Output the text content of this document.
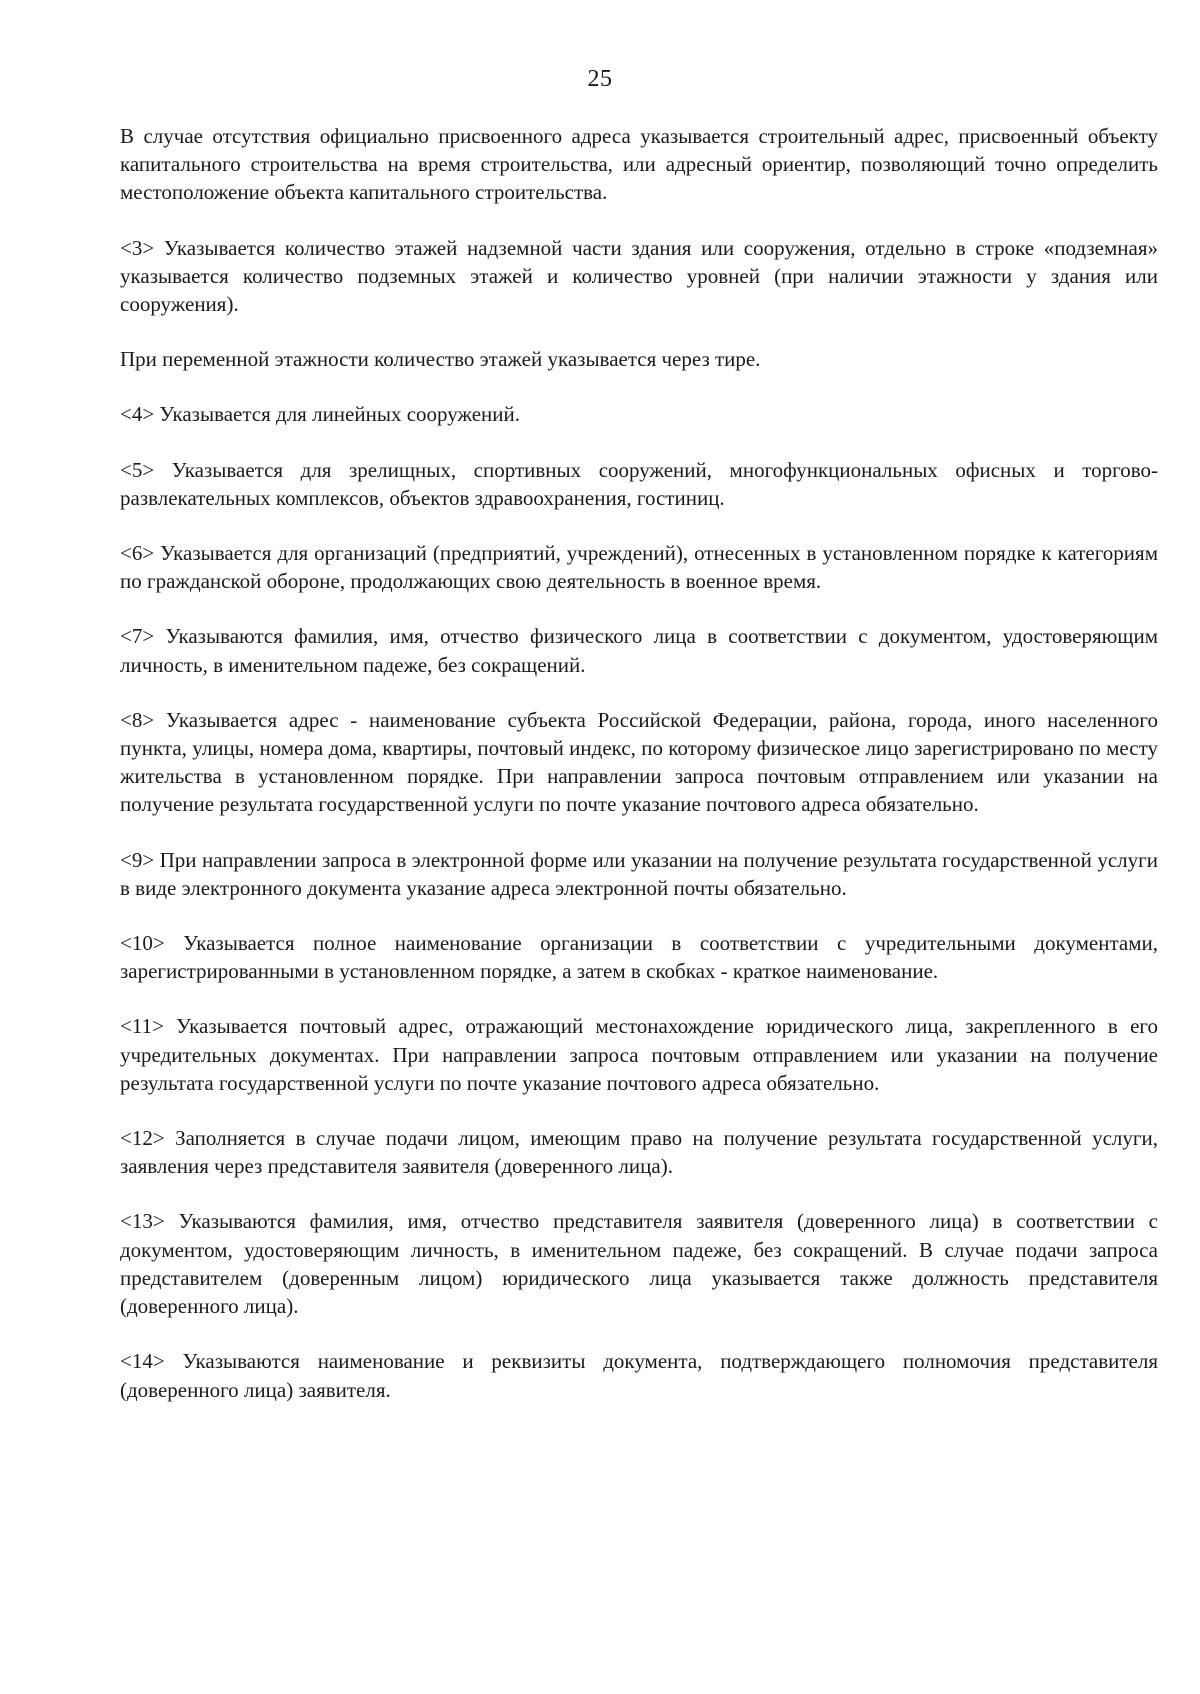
25

В случае отсутствия официально присвоенного адреса указывается строительный адрес, присвоенный объекту капитального строительства на время строительства, или адресный ориентир, позволяющий точно определить местоположение объекта капитального строительства.

<3> Указывается количество этажей надземной части здания или сооружения, отдельно в строке «подземная» указывается количество подземных этажей и количество уровней (при наличии этажности у здания или сооружения).

При переменной этажности количество этажей указывается через тире.

<4> Указывается для линейных сооружений.

<5> Указывается для зрелищных, спортивных сооружений, многофункциональных офисных и торгово-развлекательных комплексов, объектов здравоохранения, гостиниц.

<6> Указывается для организаций (предприятий, учреждений), отнесенных в установленном порядке к категориям по гражданской обороне, продолжающих свою деятельность в военное время.

<7> Указываются фамилия, имя, отчество физического лица в соответствии с документом, удостоверяющим личность, в именительном падеже, без сокращений.

<8> Указывается адрес - наименование субъекта Российской Федерации, района, города, иного населенного пункта, улицы, номера дома, квартиры, почтовый индекс, по которому физическое лицо зарегистрировано по месту жительства в установленном порядке. При направлении запроса почтовым отправлением или указании на получение результата государственной услуги по почте указание почтового адреса обязательно.

<9> При направлении запроса в электронной форме или указании на получение результата государственной услуги в виде электронного документа указание адреса электронной почты обязательно.

<10> Указывается полное наименование организации в соответствии с учредительными документами, зарегистрированными в установленном порядке, а затем в скобках - краткое наименование.

<11> Указывается почтовый адрес, отражающий местонахождение юридического лица, закрепленного в его учредительных документах. При направлении запроса почтовым отправлением или указании на получение результата государственной услуги по почте указание почтового адреса обязательно.

<12> Заполняется в случае подачи лицом, имеющим право на получение результата государственной услуги, заявления через представителя заявителя (доверенного лица).

<13> Указываются фамилия, имя, отчество представителя заявителя (доверенного лица) в соответствии с документом, удостоверяющим личность, в именительном падеже, без сокращений. В случае подачи запроса представителем (доверенным лицом) юридического лица указывается также должность представителя (доверенного лица).

<14> Указываются наименование и реквизиты документа, подтверждающего полномочия представителя (доверенного лица) заявителя.
